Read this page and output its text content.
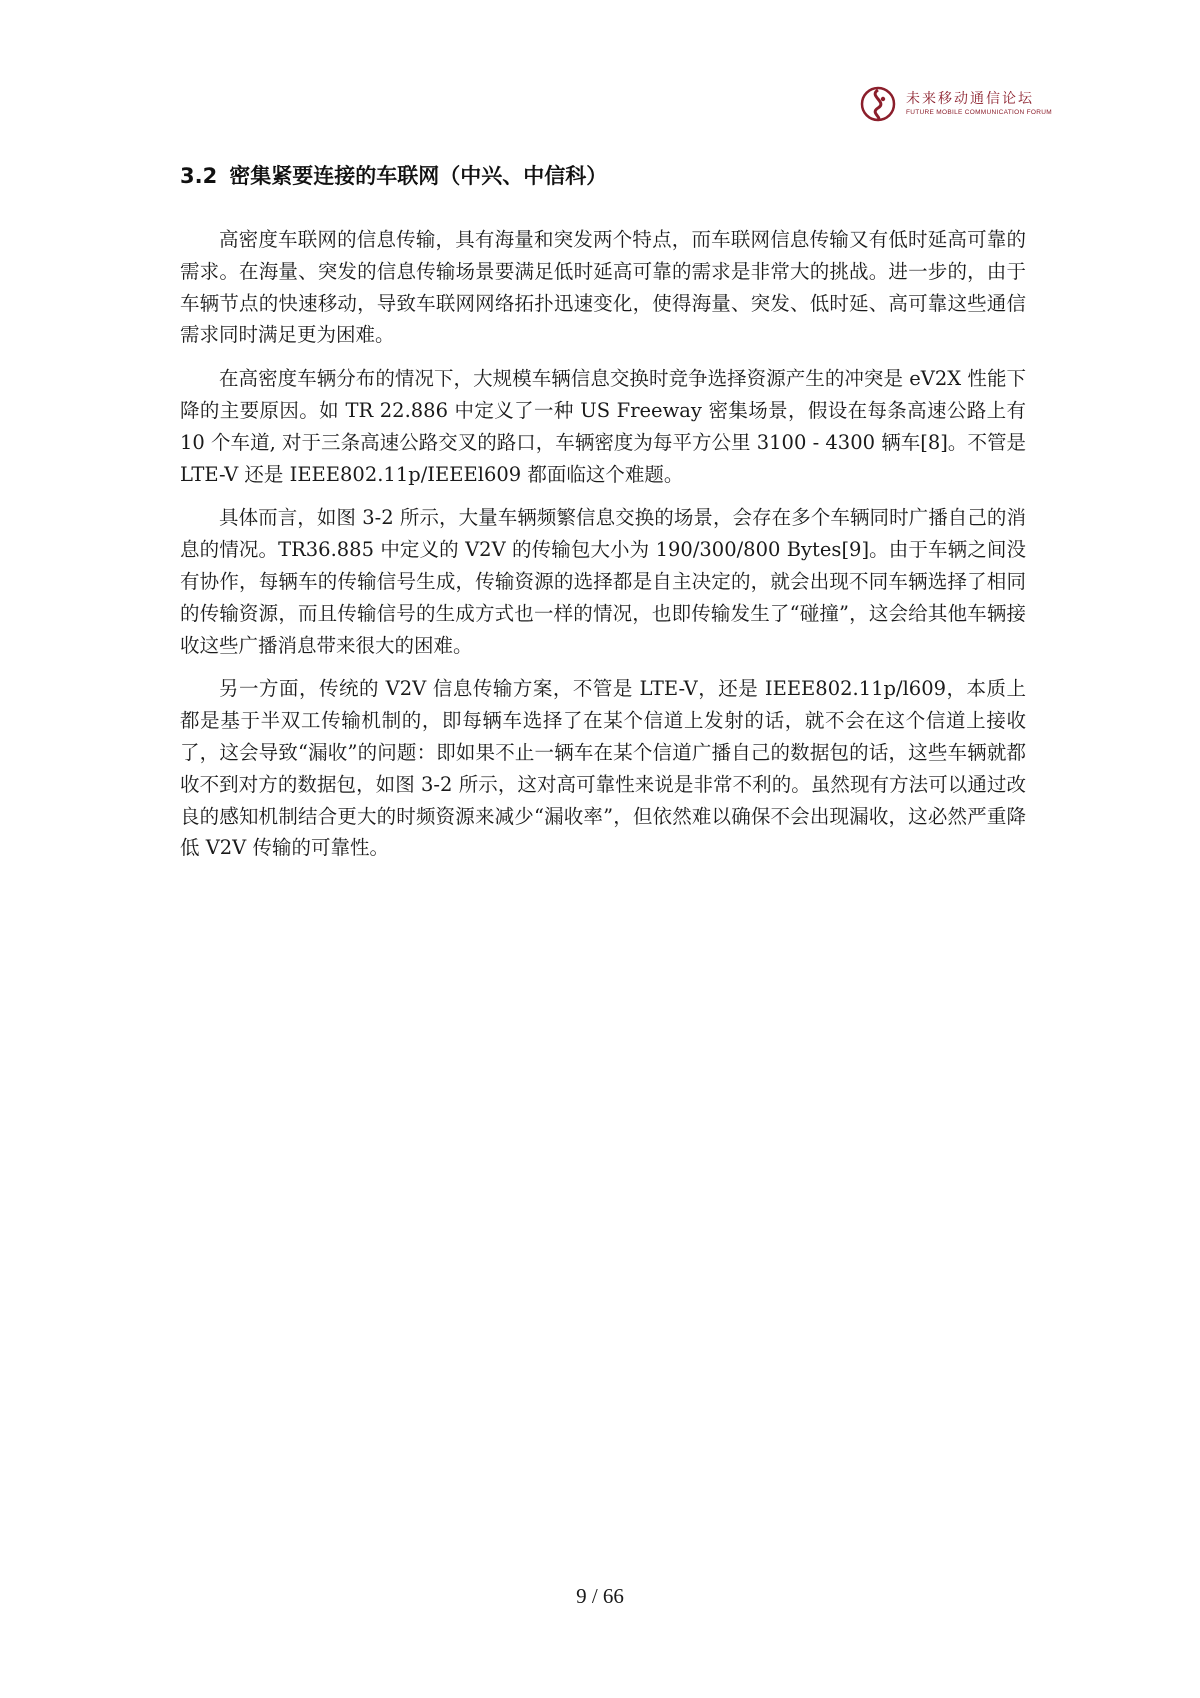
未来移动通信论坛
FUTURE MOBILE COMMUNICATION FORUM
3.2 密集紧要连接的车联网（中兴、中信科）

高密度车联网的信息传输，具有海量和突发两个特点，而车联网信息传输又有低时延高可靠的需求。在海量、突发的信息传输场景要满足低时延高可靠的需求是非常大的挑战。进一步的，由于车辆节点的快速移动，导致车联网网络拓扑迅速变化，使得海量、突发、低时延、高可靠这些通信需求同时满足更为困难。

在高密度车辆分布的情况下，大规模车辆信息交换时竞争选择资源产生的冲突是 eV2X 性能下降的主要原因。如 TR 22.886 中定义了一种 US Freeway 密集场景，假设在每条高速公路上有 10 个车道, 对于三条高速公路交叉的路口，车辆密度为每平方公里 3100 - 4300 辆车[8]。不管是 LTE-V 还是 IEEE802.11p/IEEEl609 都面临这个难题。

具体而言，如图 3-2 所示，大量车辆频繁信息交换的场景，会存在多个车辆同时广播自己的消息的情况。TR36.885 中定义的 V2V 的传输包大小为 190/300/800 Bytes[9]。由于车辆之间没有协作，每辆车的传输信号生成，传输资源的选择都是自主决定的，就会出现不同车辆选择了相同的传输资源，而且传输信号的生成方式也一样的情况，也即传输发生了“碰撞”，这会给其他车辆接收这些广播消息带来很大的困难。

另一方面，传统的 V2V 信息传输方案，不管是 LTE-V，还是 IEEE802.11p/l609，本质上都是基于半双工传输机制的，即每辆车选择了在某个信道上发射的话，就不会在这个信道上接收了，这会导致“漏收”的问题：即如果不止一辆车在某个信道广播自己的数据包的话，这些车辆就都收不到对方的数据包，如图 3-2 所示，这对高可靠性来说是非常不利的。虽然现有方法可以通过改良的感知机制结合更大的时频资源来减少“漏收率”，但依然难以确保不会出现漏收，这必然严重降低 V2V 传输的可靠性。

9 / 66
